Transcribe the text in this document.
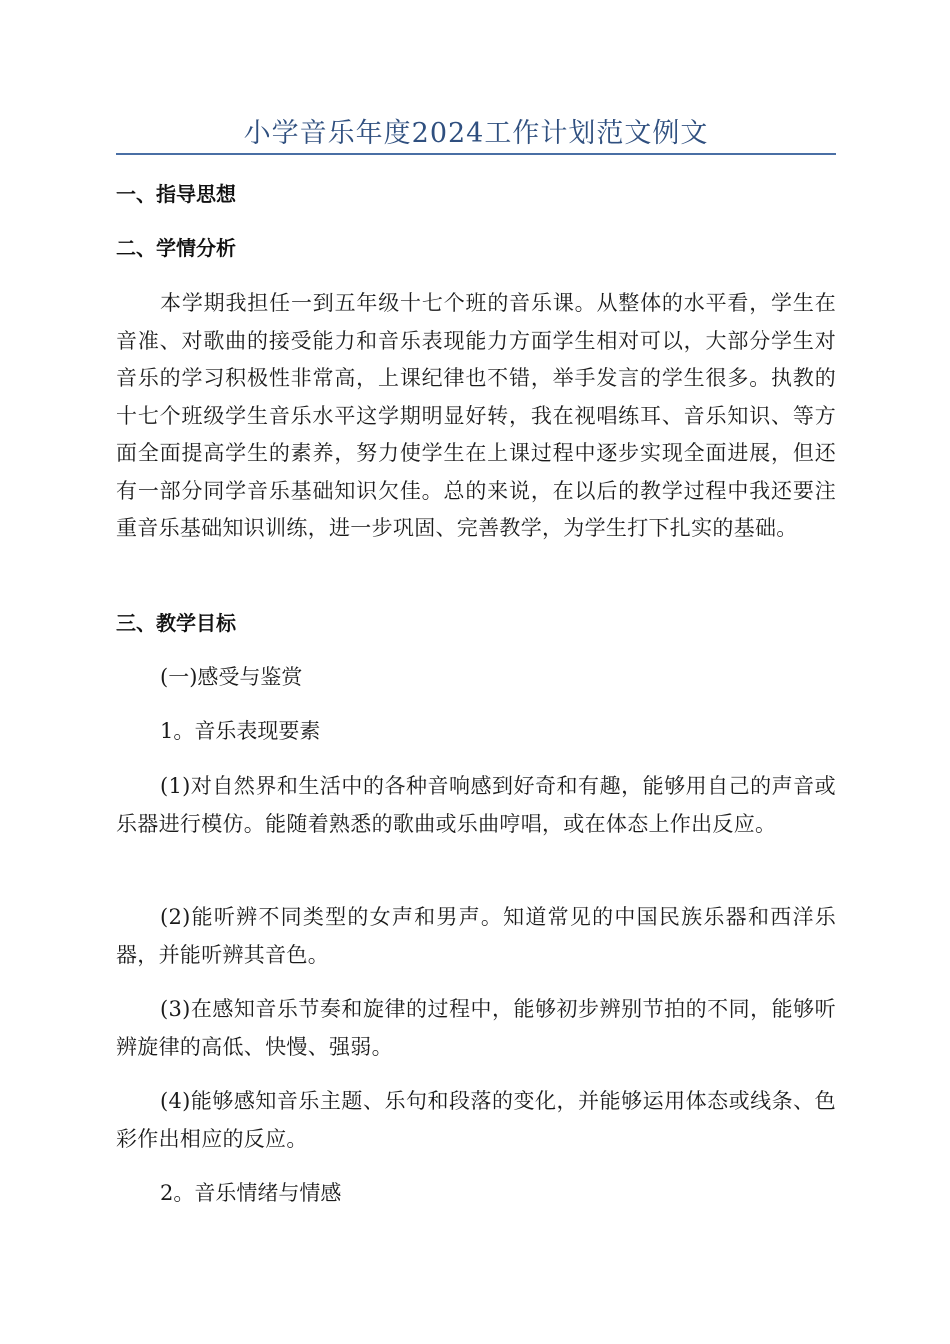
小学音乐年度2024工作计划范文例文
一、指导思想
二、学情分析
本学期我担任一到五年级十七个班的音乐课。从整体的水平看，学生在音准、对歌曲的接受能力和音乐表现能力方面学生相对可以，大部分学生对音乐的学习积极性非常高，上课纪律也不错，举手发言的学生很多。执教的十七个班级学生音乐水平这学期明显好转，我在视唱练耳、音乐知识、等方面全面提高学生的素养，努力使学生在上课过程中逐步实现全面进展，但还有一部分同学音乐基础知识欠佳。总的来说，在以后的教学过程中我还要注重音乐基础知识训练，进一步巩固、完善教学，为学生打下扎实的基础。
三、教学目标
(一)感受与鉴赏
1。音乐表现要素
(1)对自然界和生活中的各种音响感到好奇和有趣，能够用自己的声音或乐器进行模仿。能随着熟悉的歌曲或乐曲哼唱，或在体态上作出反应。
(2)能听辨不同类型的女声和男声。知道常见的中国民族乐器和西洋乐器，并能听辨其音色。
(3)在感知音乐节奏和旋律的过程中，能够初步辨别节拍的不同，能够听辨旋律的高低、快慢、强弱。
(4)能够感知音乐主题、乐句和段落的变化，并能够运用体态或线条、色彩作出相应的反应。
2。音乐情绪与情感
